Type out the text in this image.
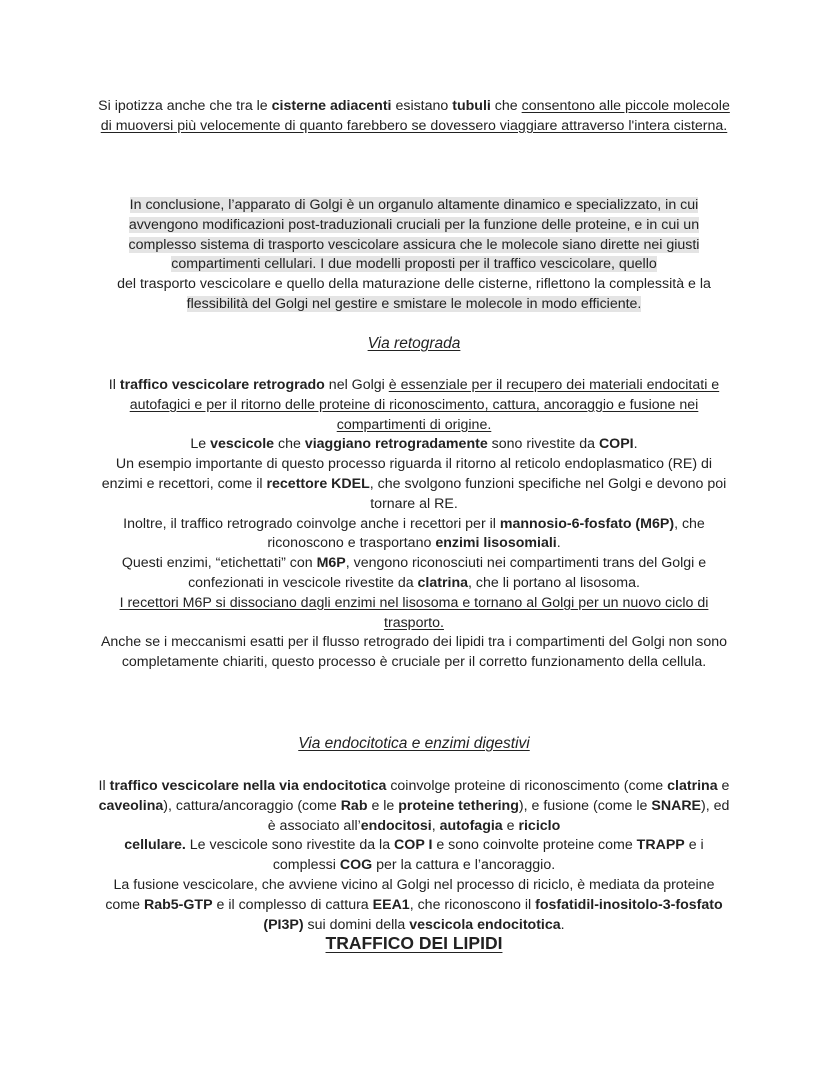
Si ipotizza anche che tra le cisterne adiacenti esistano tubuli che consentono alle piccole molecole di muoversi più velocemente di quanto farebbero se dovessero viaggiare attraverso l'intera cisterna.

In conclusione, l’apparato di Golgi è un organulo altamente dinamico e specializzato, in cui
avvengono modificazioni post-traduzionali cruciali per la funzione delle proteine, e in cui un
complesso sistema di trasporto vescicolare assicura che le molecole siano dirette nei giusti
compartimenti cellulari. I due modelli proposti per il traffico vescicolare, quello
del trasporto vescicolare e quello della maturazione delle cisterne, riflettono la complessità e la
flessibilità del Golgi nel gestire e smistare le molecole in modo efficiente.

Via retograda

Il traffico vescicolare retrogrado nel Golgi è essenziale per il recupero dei materiali endocitati e autofagici e per il ritorno delle proteine di riconoscimento, cattura, ancoraggio e fusione nei compartimenti di origine.

Le vescicole che viaggiano retrogradamente sono rivestite da COPI.

Un esempio importante di questo processo riguarda il ritorno al reticolo endoplasmatico (RE) di enzimi e recettori, come il recettore KDEL, che svolgono funzioni specifiche nel Golgi e devono poi tornare al RE.

Inoltre, il traffico retrogrado coinvolge anche i recettori per il mannosio-6-fosfato (M6P), che riconoscono e trasportano enzimi lisosomiali.

Questi enzimi, “etichettati” con M6P, vengono riconosciuti nei compartimenti trans del Golgi e confezionati in vescicole rivestite da clatrina, che li portano al lisosoma.

I recettori M6P si dissociano dagli enzimi nel lisosoma e tornano al Golgi per un nuovo ciclo di trasporto.

Anche se i meccanismi esatti per il flusso retrogrado dei lipidi tra i compartimenti del Golgi non sono completamente chiariti, questo processo è cruciale per il corretto funzionamento della cellula.

Via endocitotica e enzimi digestivi

Il traffico vescicolare nella via endocitotica coinvolge proteine di riconoscimento (come clatrina e caveolina), cattura/ancoraggio (come Rab e le proteine tethering), e fusione (come le SNARE), ed è associato all’endocitosi, autofagia e riciclo

cellulare. Le vescicole sono rivestite da la COP I e sono coinvolte proteine come TRAPP e i complessi COG per la cattura e l’ancoraggio.

La fusione vescicolare, che avviene vicino al Golgi nel processo di riciclo, è mediata da proteine come Rab5-GTP e il complesso di cattura EEA1, che riconoscono il fosfatidil-inositolo-3-fosfato (PI3P) sui domini della vescicola endocitotica.

TRAFFICO DEI LIPIDI
